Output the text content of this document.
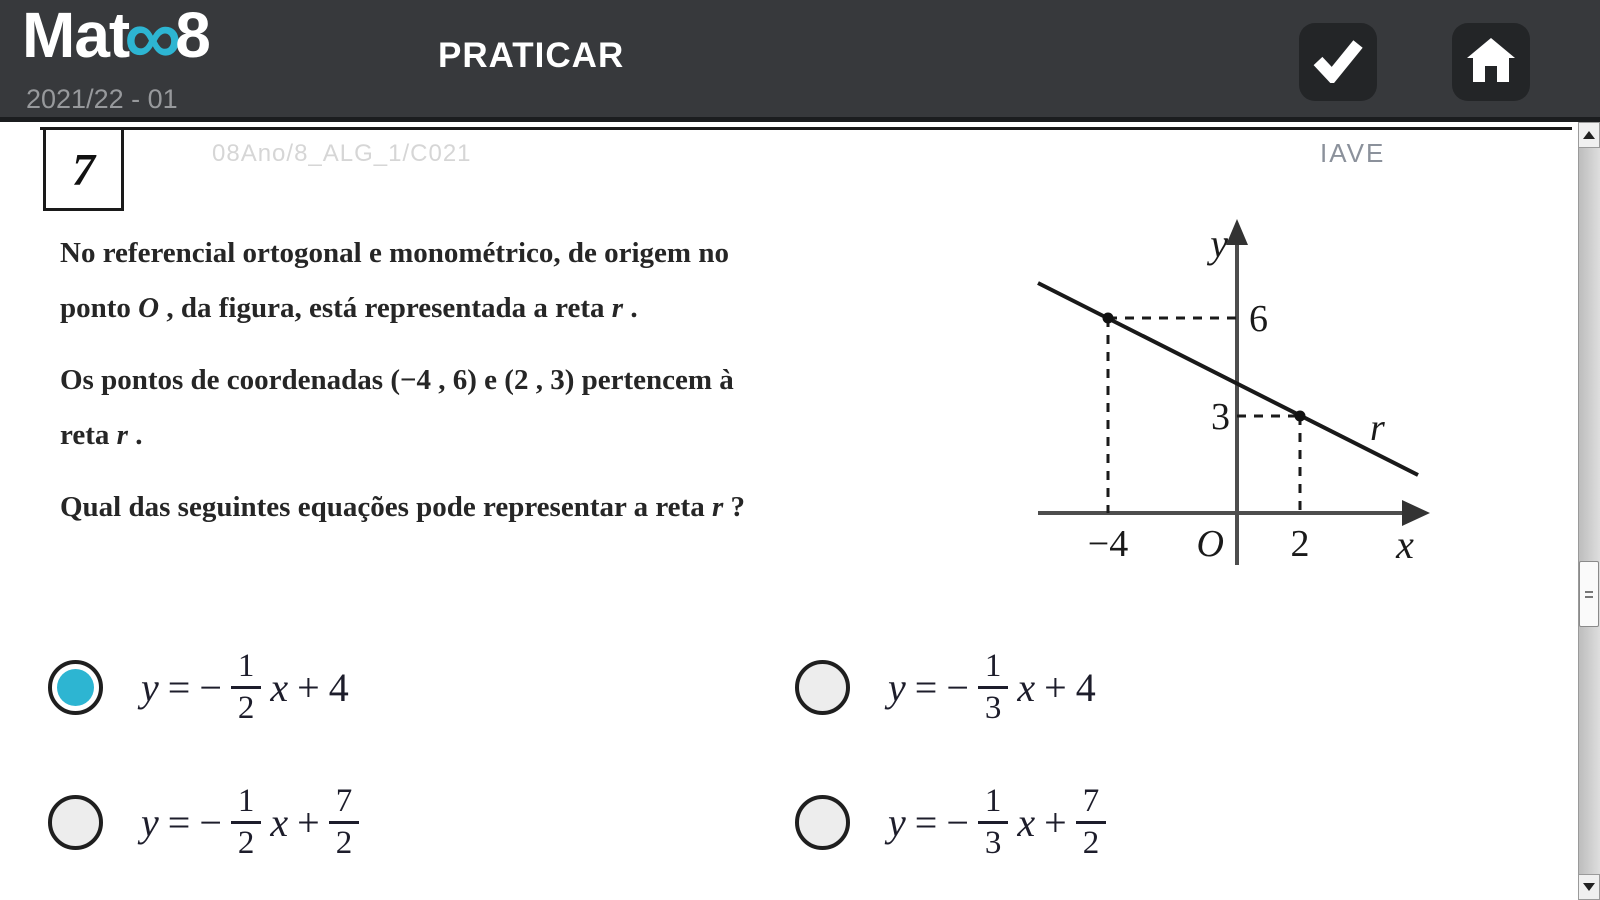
Mat∞8
2021/22 - 01
PRATICAR
7	08Ano/8_ALG_1/C021	IAVE

No referencial ortogonal e monométrico, de origem no
ponto O , da figura, está representada a reta r .

Os pontos de coordenadas (−4 , 6) e (2 , 3) pertencem à
reta r .

Qual das seguintes equações pode representar a reta r ?

y
x
O
6
3
−4	2
r
y = − $\frac{1}{2}$ x + 4	y = − $\frac{1}{3}$ x + 4
y = − $\frac{1}{2}$ $x + \frac{7}{2}$	y = − $\frac{1}{3}$ $x + \frac{7}{2}$
